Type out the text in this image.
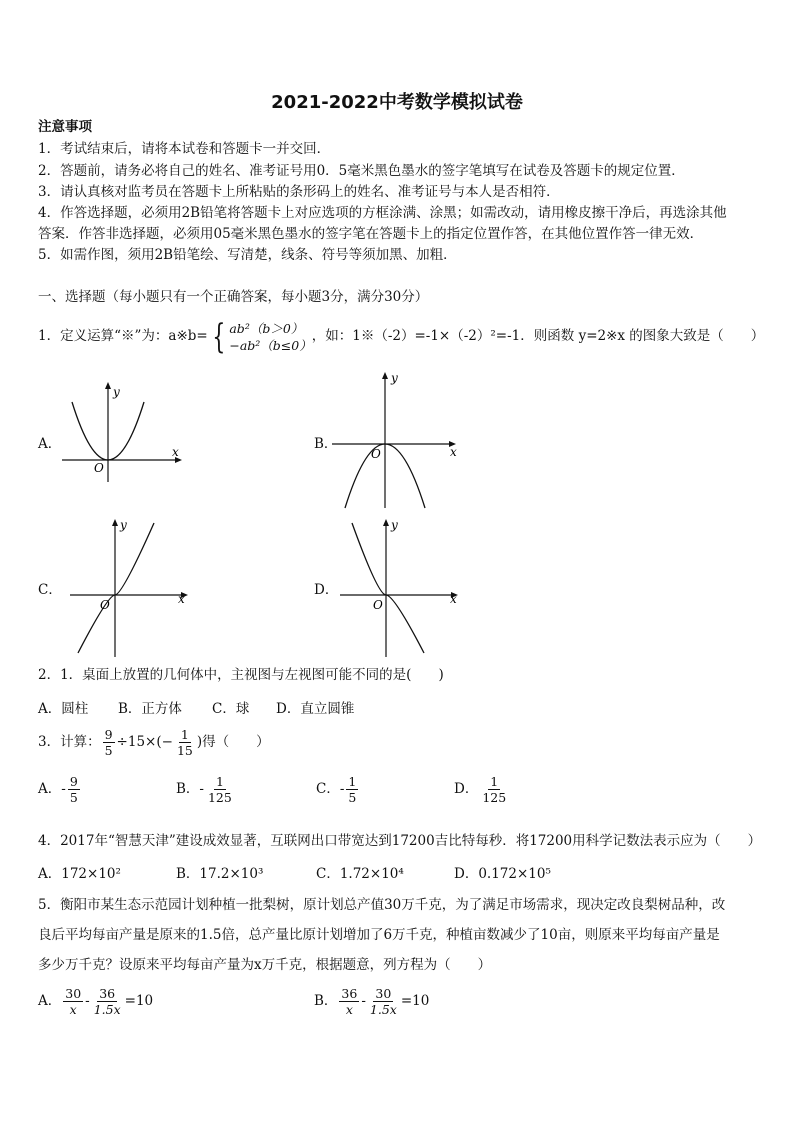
2021-2022中考数学模拟试卷
注意事项
1．考试结束后，请将本试卷和答题卡一并交回．
2．答题前，请务必将自己的姓名、准考证号用0．5毫米黑色墨水的签字笔填写在试卷及答题卡的规定位置．
3．请认真核对监考员在答题卡上所粘贴的条形码上的姓名、准考证号与本人是否相符．
4．作答选择题，必须用2B铅笔将答题卡上对应选项的方框涂满、涂黑；如需改动，请用橡皮擦干净后，再选涂其他
答案．作答非选择题，必须用05毫米黑色墨水的签字笔在答题卡上的指定位置作答，在其他位置作答一律无效．
5．如需作图，须用2B铅笔绘、写清楚，线条、符号等须加黑、加粗．
一、选择题（每小题只有一个正确答案，每小题3分，满分30分）
1．定义运算“※”为：a※b= { ab²（b＞0）
−ab²（b≤0）
，如：1※（-2）=-1×（-2）²=-1．则函数 y=2※x 的图象大致是（　　）
A．	B．
C．	D．
y
x
O
y
x
O
y
x
O
y
x
O
2．1．桌面上放置的几何体中，主视图与左视图可能不同的是(　　)
A．圆柱 B．正方体 C．球 D．直立圆锥
3．计算： $\frac{9}{5} \div 15\times(- \frac{1}{15}$ )得（　　）
A．- $\frac{9}{5}$	B．- $\frac{1}{125}$	C．- $\frac{1}{5}$	D． $\frac{1}{125}$
4．2017年“智慧天津”建设成效显著，互联网出口带宽达到17200吉比特每秒．将17200用科学记数法表示应为（　　）
A．172×10²	B．17.2×10³	C．1.72×10⁴	D．0.172×10⁵
5．衡阳市某生态示范园计划种植一批梨树，原计划总产值30万千克，为了满足市场需求，现决定改良梨树品种，改
良后平均每亩产量是原来的1.5倍，总产量比原计划增加了6万千克，种植亩数减少了10亩，则原来平均每亩产量是
多少万千克？设原来平均每亩产量为x万千克，根据题意，列方程为（　　）
A． $\frac{30}{x} - \frac{36}{1.5x} =10$	B． $\frac{36}{x} - \frac{30}{1.5x} =10$
